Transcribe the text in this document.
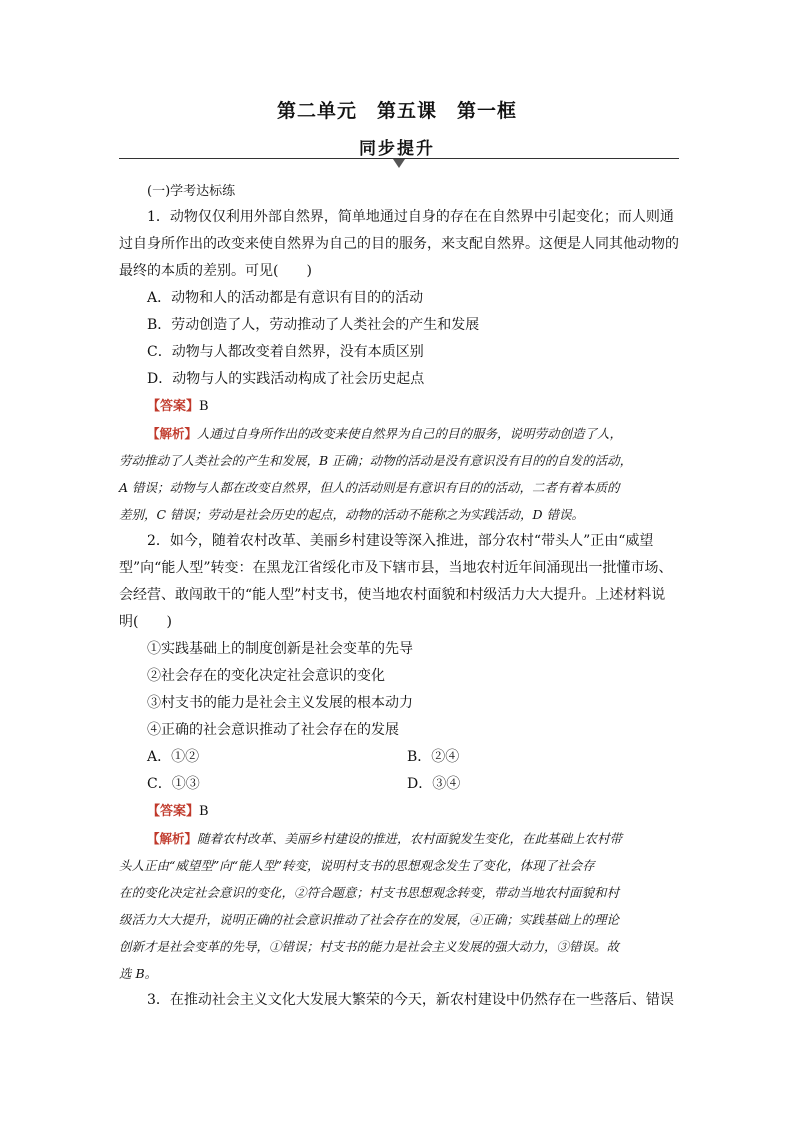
第二单元　第五课　第一框
同步提升
(一)学考达标练
1．动物仅仅利用外部自然界，简单地通过自身的存在在自然界中引起变化；而人则通
过自身所作出的改变来使自然界为自己的目的服务，来支配自然界。这便是人同其他动物的
最终的本质的差别。可见(　　)
A．动物和人的活动都是有意识有目的的活动
B．劳动创造了人，劳动推动了人类社会的产生和发展
C．动物与人都改变着自然界，没有本质区别
D．动物与人的实践活动构成了社会历史起点
【答案】B
【解析】人通过自身所作出的改变来使自然界为自己的目的服务，说明劳动创造了人，
劳动推动了人类社会的产生和发展，B 正确；动物的活动是没有意识没有目的的自发的活动，
A 错误；动物与人都在改变自然界，但人的活动则是有意识有目的的活动，二者有着本质的
差别，C 错误；劳动是社会历史的起点，动物的活动不能称之为实践活动，D 错误。
2．如今，随着农村改革、美丽乡村建设等深入推进，部分农村“带头人”正由“威望
型”向“能人型”转变：在黑龙江省绥化市及下辖市县，当地农村近年间涌现出一批懂市场、
会经营、敢闯敢干的“能人型”村支书，使当地农村面貌和村级活力大大提升。上述材料说
明(　　)
①实践基础上的制度创新是社会变革的先导
②社会存在的变化决定社会意识的变化
③村支书的能力是社会主义发展的根本动力
④正确的社会意识推动了社会存在的发展
A．①②	B．②④
C．①③	D．③④
【答案】B
【解析】随着农村改革、美丽乡村建设的推进，农村面貌发生变化，在此基础上农村带
头人正由“威望型”向“能人型”转变，说明村支书的思想观念发生了变化，体现了社会存
在的变化决定社会意识的变化，②符合题意；村支书思想观念转变，带动当地农村面貌和村
级活力大大提升，说明正确的社会意识推动了社会存在的发展，④正确；实践基础上的理论
创新才是社会变革的先导，①错误；村支书的能力是社会主义发展的强大动力，③错误。故
选 B。
3．在推动社会主义文化大发展大繁荣的今天，新农村建设中仍然存在一些落后、错误
